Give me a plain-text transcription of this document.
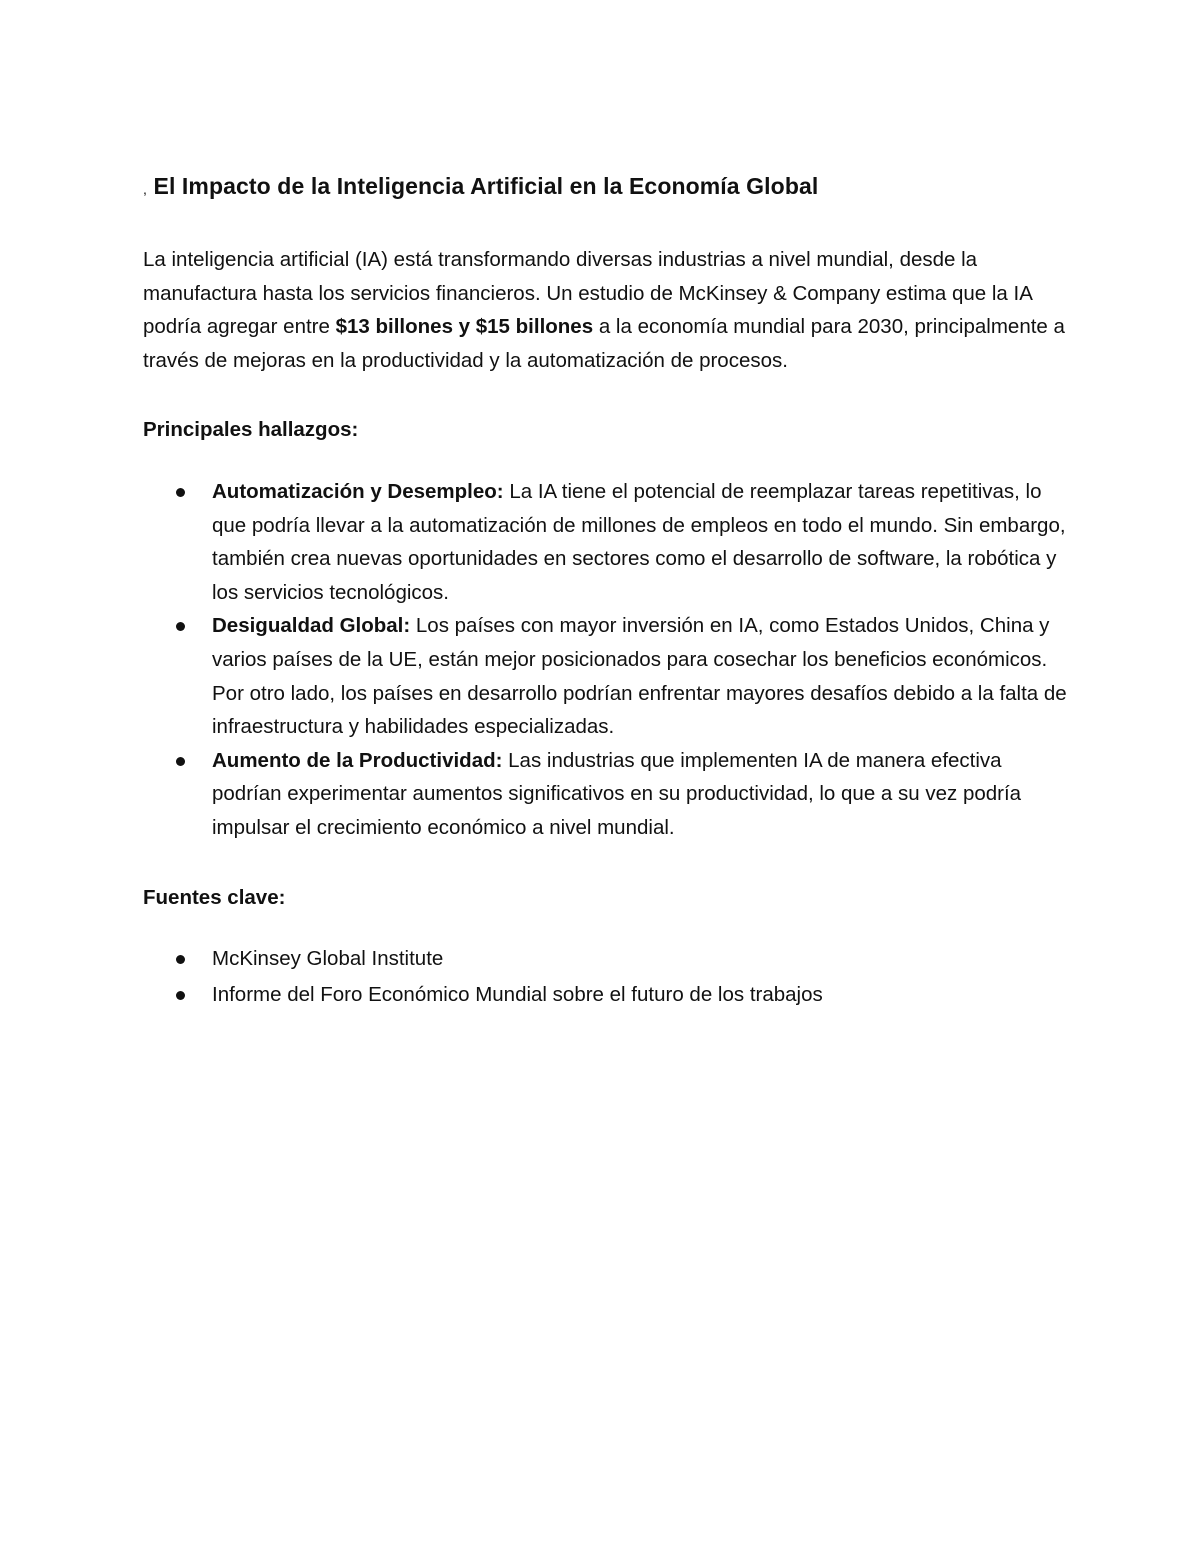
, El Impacto de la Inteligencia Artificial en la Economía Global

La inteligencia artificial (IA) está transformando diversas industrias a nivel mundial, desde la manufactura hasta los servicios financieros. Un estudio de McKinsey & Company estima que la IA podría agregar entre $13 billones y $15 billones a la economía mundial para 2030, principalmente a través de mejoras en la productividad y la automatización de procesos.

Principales hallazgos:

Automatización y Desempleo: La IA tiene el potencial de reemplazar tareas repetitivas, lo que podría llevar a la automatización de millones de empleos en todo el mundo. Sin embargo, también crea nuevas oportunidades en sectores como el desarrollo de software, la robótica y los servicios tecnológicos.
Desigualdad Global: Los países con mayor inversión en IA, como Estados Unidos, China y varios países de la UE, están mejor posicionados para cosechar los beneficios económicos. Por otro lado, los países en desarrollo podrían enfrentar mayores desafíos debido a la falta de infraestructura y habilidades especializadas.
Aumento de la Productividad: Las industrias que implementen IA de manera efectiva podrían experimentar aumentos significativos en su productividad, lo que a su vez podría impulsar el crecimiento económico a nivel mundial.

Fuentes clave:

McKinsey Global Institute
Informe del Foro Económico Mundial sobre el futuro de los trabajos
